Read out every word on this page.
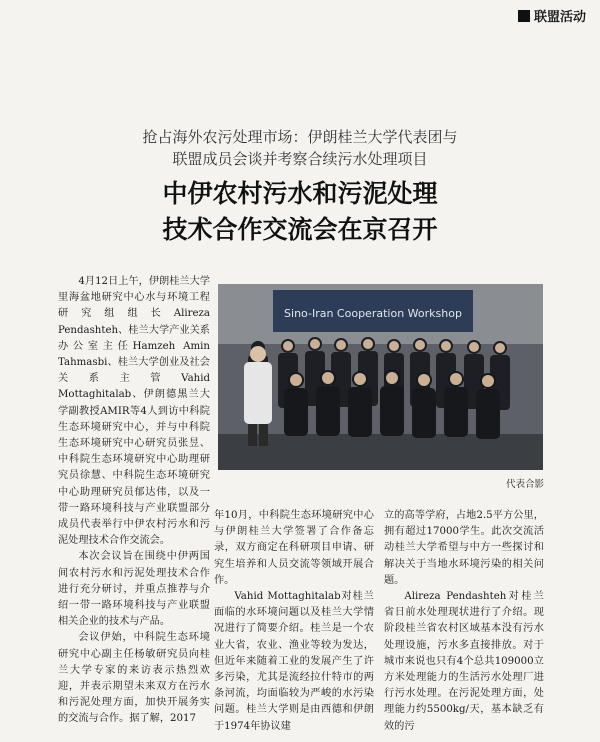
联盟活动
抢占海外农污处理市场：伊朗桂兰大学代表团与
联盟成员会谈并考察合续污水处理项目
中伊农村污水和污泥处理
技术合作交流会在京召开

4月12日上午，伊朗桂兰大学里海盆地研究中心水与环境工程研究组组长Alireza Pendashteh、桂兰大学产业关系办公室主任Hamzeh Amin Tahmasbi、桂兰大学创业及社会关系主管Vahid Mottaghitalab、伊朗德黑兰大学副教授AMIR等4人到访中科院生态环境研究中心，并与中科院生态环境研究中心研究员张昱、中科院生态环境研究中心助理研究员徐慧、中科院生态环境研究中心助理研究员郁达伟，以及一带一路环境科技与产业联盟部分成员代表举行中伊农村污水和污泥处理技术合作交流会。

本次会议旨在围绕中伊两国间农村污水和污泥处理技术合作进行充分研讨，并重点推荐与介绍一带一路环境科技与产业联盟相关企业的技术与产品。

会议伊始，中科院生态环境研究中心副主任杨敏研究员向桂兰大学专家的来访表示热烈欢迎，并表示期望未来双方在污水和污泥处理方面，加快开展务实的交流与合作。据了解，2017

Sino-Iran Cooperation Workshop
代表合影

年10月，中科院生态环境研究中心与伊朗桂兰大学签署了合作备忘录，双方商定在科研项目申请、研究生培养和人员交流等领域开展合作。

Vahid Mottaghitalab对桂兰面临的水环境问题以及桂兰大学情况进行了简要介绍。桂兰是一个农业大省，农业、渔业等较为发达，但近年来随着工业的发展产生了许多污染，尤其是流经拉什特市的两条河流，均面临较为严峻的水污染问题。桂兰大学则是由西德和伊朗于1974年协议建

立的高等学府，占地2.5平方公里，拥有超过17000学生。此次交流活动桂兰大学希望与中方一些探讨和解决关于当地水环境污染的相关问题。

Alireza Pendashteh对桂兰省日前水处理现状进行了介绍。现阶段桂兰省农村区域基本没有污水处理设施，污水多直接排放。对于城市来说也只有4个总共109000立方米处理能力的生活污水处理厂进行污水处理。在污泥处理方面，处理能力约5500kg/天，基本缺乏有效的污
